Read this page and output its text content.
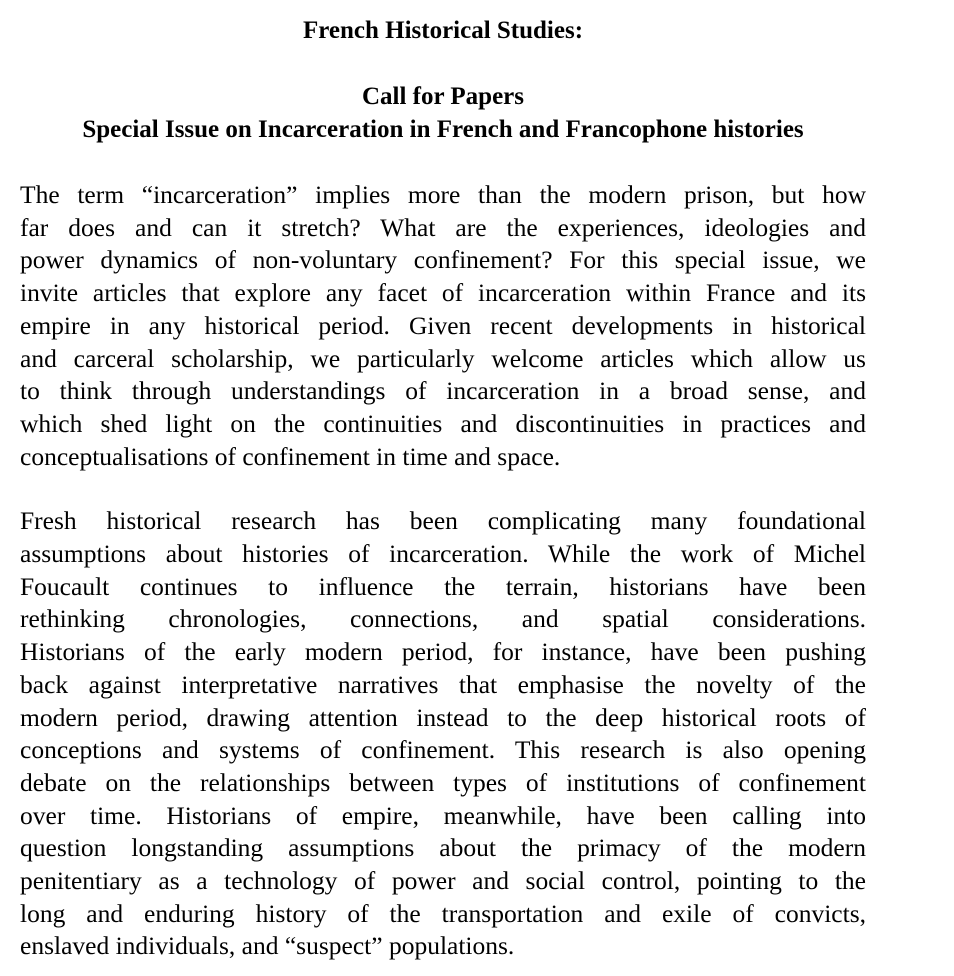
French Historical Studies:
Call for Papers
Special Issue on Incarceration in French and Francophone histories
The term “incarceration” implies more than the modern prison, but how
far does and can it stretch? What are the experiences, ideologies and
power dynamics of non-voluntary confinement? For this special issue, we
invite articles that explore any facet of incarceration within France and its
empire in any historical period. Given recent developments in historical
and carceral scholarship, we particularly welcome articles which allow us
to think through understandings of incarceration in a broad sense, and
which shed light on the continuities and discontinuities in practices and
conceptualisations of confinement in time and space.
Fresh historical research has been complicating many foundational
assumptions about histories of incarceration. While the work of Michel
Foucault continues to influence the terrain, historians have been
rethinking chronologies, connections, and spatial considerations.
Historians of the early modern period, for instance, have been pushing
back against interpretative narratives that emphasise the novelty of the
modern period, drawing attention instead to the deep historical roots of
conceptions and systems of confinement. This research is also opening
debate on the relationships between types of institutions of confinement
over time. Historians of empire, meanwhile, have been calling into
question longstanding assumptions about the primacy of the modern
penitentiary as a technology of power and social control, pointing to the
long and enduring history of the transportation and exile of convicts,
enslaved individuals, and “suspect” populations.
